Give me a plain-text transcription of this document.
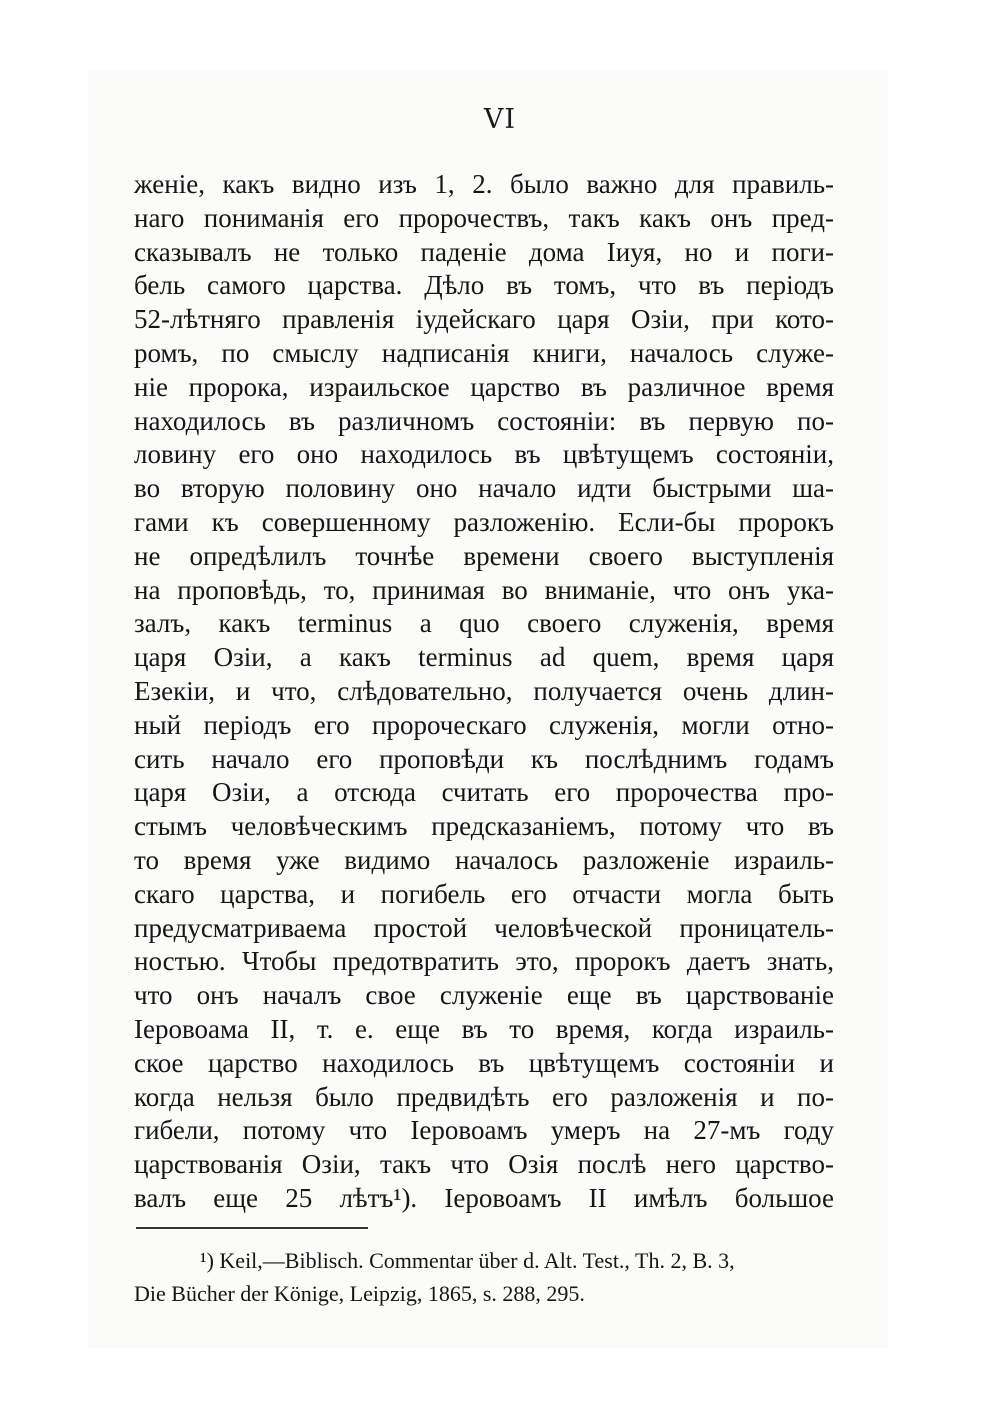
VI
женіе, какъ видно изъ 1, 2. было важно для правиль-
наго пониманія его пророчествъ, такъ какъ онъ пред-
сказывалъ не только паденіе дома Іиуя, но и поги-
бель самого царства. Дѣло въ томъ, что въ періодъ
52-лѣтняго правленія іудейскаго царя Озіи, при кото-
ромъ, по смыслу надписанія книги, началось служе-
ніе пророка, израильское царство въ различное время
находилось въ различномъ состояніи: въ первую по-
ловину его оно находилось въ цвѣтущемъ состояніи,
во вторую половину оно начало идти быстрыми ша-
гами къ совершенному разложенію. Если-бы пророкъ
не опредѣлилъ точнѣе времени своего выступленія
на проповѣдь, то, принимая во вниманіе, что онъ ука-
залъ, какъ terminus a quo своего служенія, время
царя Озіи, а какъ terminus ad quem, время царя
Езекіи, и что, слѣдовательно, получается очень длин-
ный періодъ его пророческаго служенія, могли отно-
сить начало его проповѣди къ послѣднимъ годамъ
царя Озіи, а отсюда считать его пророчества про-
стымъ человѣческимъ предсказаніемъ, потому что въ
то время уже видимо началось разложеніе израиль-
скаго царства, и погибель его отчасти могла быть
предусматриваема простой человѣческой проницатель-
ностью. Чтобы предотвратить это, пророкъ даетъ знать,
что онъ началъ свое служеніе еще въ царствованіе
Іеровоама II, т. е. еще въ то время, когда израиль-
ское царство находилось въ цвѣтущемъ состояніи и
когда нельзя было предвидѣть его разложенія и по-
гибели, потому что Іеровоамъ умеръ на 27-мъ году
царствованія Озіи, такъ что Озія послѣ него царство-
валъ еще 25 лѣтъ¹). Іеровоамъ II имѣлъ большое
¹) Keil,—Biblisch. Commentar über d. Alt. Test., Th. 2, B. 3,
Die Bücher der Könige, Leipzig, 1865, s. 288, 295.
